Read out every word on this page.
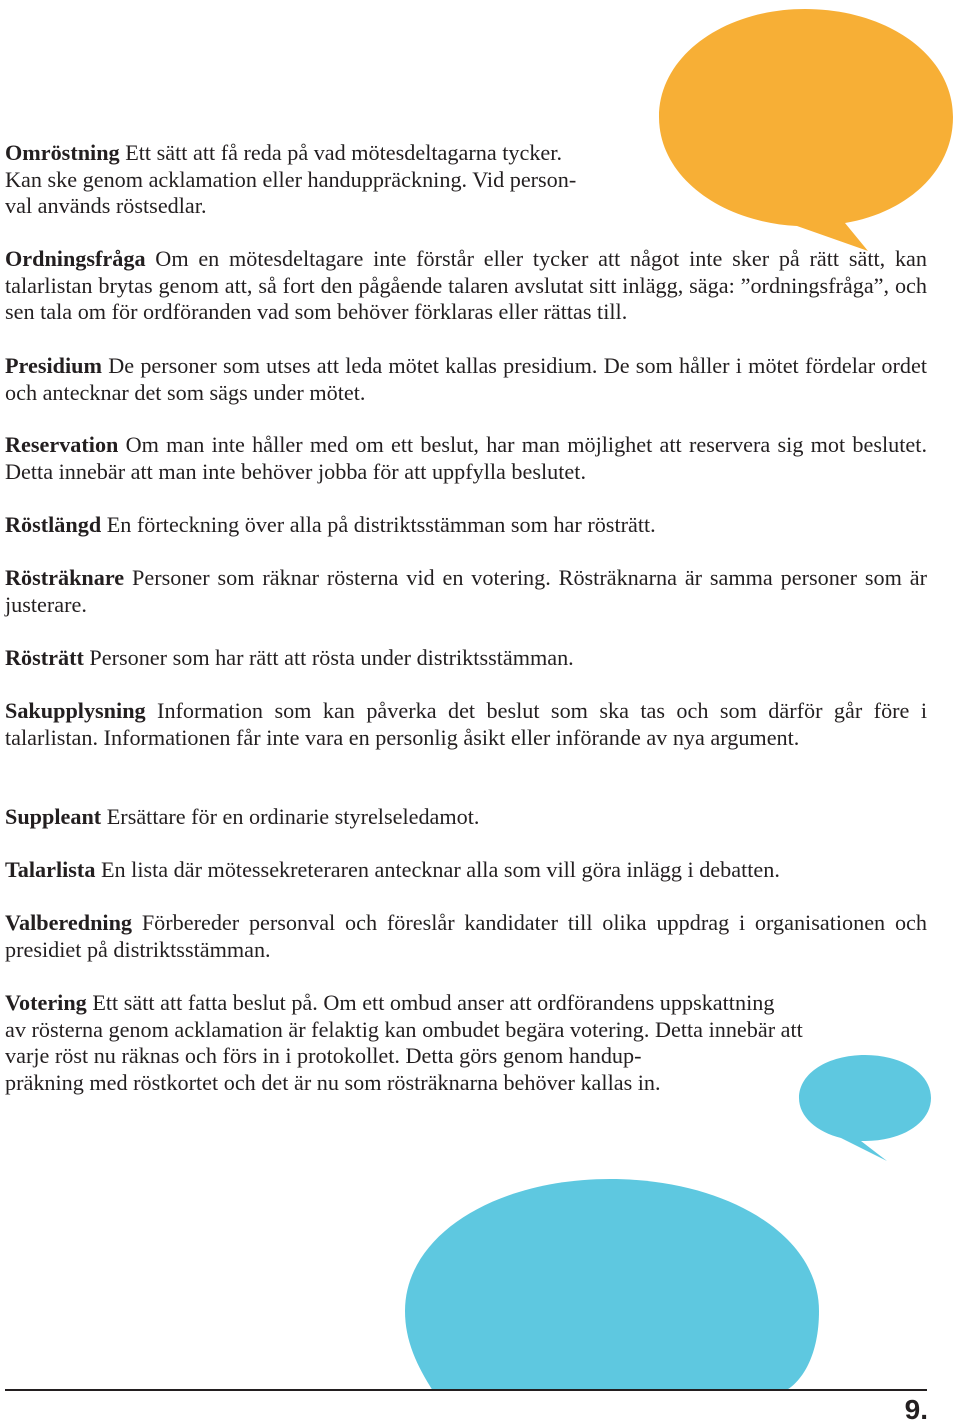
Omröstning Ett sätt att få reda på vad mötesdeltagarna tycker.
Kan ske genom acklamation eller handuppräckning. Vid person-
val används röstsedlar.

Ordningsfråga Om en mötesdeltagare inte förstår eller tycker att något inte sker på rätt sätt, kan talarlistan brytas genom att, så fort den pågående talaren avslutat sitt inlägg, säga: ”ordningsfråga”, och sen tala om för ordföranden vad som behöver förklaras eller rättas till.

Presidium De personer som utses att leda mötet kallas presidium. De som håller i mötet fördelar ordet och antecknar det som sägs under mötet.

Reservation Om man inte håller med om ett beslut, har man möjlighet att reservera sig mot beslutet. Detta innebär att man inte behöver jobba för att uppfylla beslutet.

Röstlängd En förteckning över alla på distriktsstämman som har rösträtt.

Rösträknare Personer som räknar rösterna vid en votering. Rösträknarna är samma personer som är justerare.

Rösträtt Personer som har rätt att rösta under distriktsstämman.

Sakupplysning Information som kan påverka det beslut som ska tas och som därför går före i talarlistan. Informationen får inte vara en personlig åsikt eller införande av nya argument.

Suppleant Ersättare för en ordinarie styrelseledamot.

Talarlista En lista där mötessekreteraren antecknar alla som vill göra inlägg i debatten.

Valberedning Förbereder personval och föreslår kandidater till olika uppdrag i organisationen och presidiet på distriktsstämman.

Votering Ett sätt att fatta beslut på. Om ett ombud anser att ordförandens uppskattning
av rösterna genom acklamation är felaktig kan ombudet begära votering. Detta innebär att
varje röst nu räknas och förs in i protokollet. Detta görs genom handup-
präkning med röstkortet och det är nu som rösträknarna behöver kallas in.
9.
